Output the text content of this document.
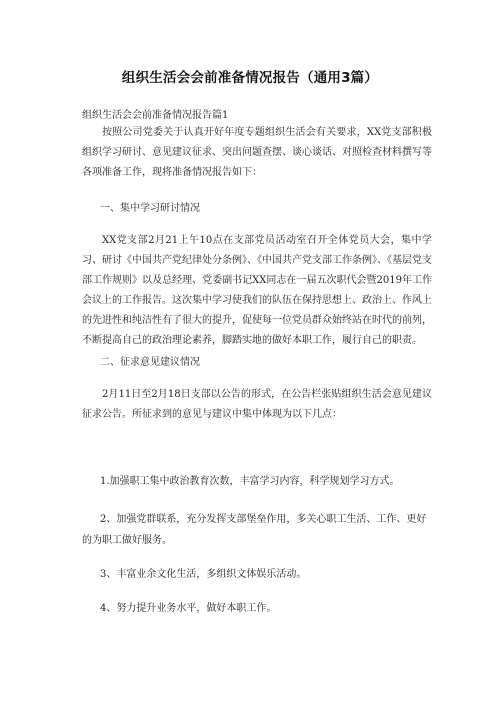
组织生活会会前准备情况报告（通用3篇）
组织生活会会前准备情况报告篇1

按照公司党委关于认真开好年度专题组织生活会有关要求，XX党支部积极组织学习研讨、意见建议征求、突出问题查摆、谈心谈话、对照检查材料撰写等各项准备工作，现将准备情况报告如下：

一、集中学习研讨情况

XX党支部2月21上午10点在支部党员活动室召开全体党员大会，集中学习、研讨《中国共产党纪律处分条例》、《中国共产党支部工作条例》、《基层党支部工作规则》以及总经理、党委副书记XX同志在一届五次职代会暨2019年工作会议上的工作报告。这次集中学习使我们的队伍在保持思想上、政治上、作风上的先进性和纯洁性有了很大的提升，促使每一位党员群众始终站在时代的前列，不断提高自己的政治理论素养，脚踏实地的做好本职工作，履行自己的职责。

二、征求意见建议情况

2月11日至2月18日支部以公告的形式，在公告栏张贴组织生活会意见建议征求公告。所征求到的意见与建议中集中体现为以下几点：

1.加强职工集中政治教育次数，丰富学习内容，科学规划学习方式。

2、加强党群联系，充分发挥支部堡垒作用，多关心职工生活、工作、更好的为职工做好服务。

3、丰富业余文化生活，多组织文体娱乐活动。

4、努力提升业务水平，做好本职工作。
